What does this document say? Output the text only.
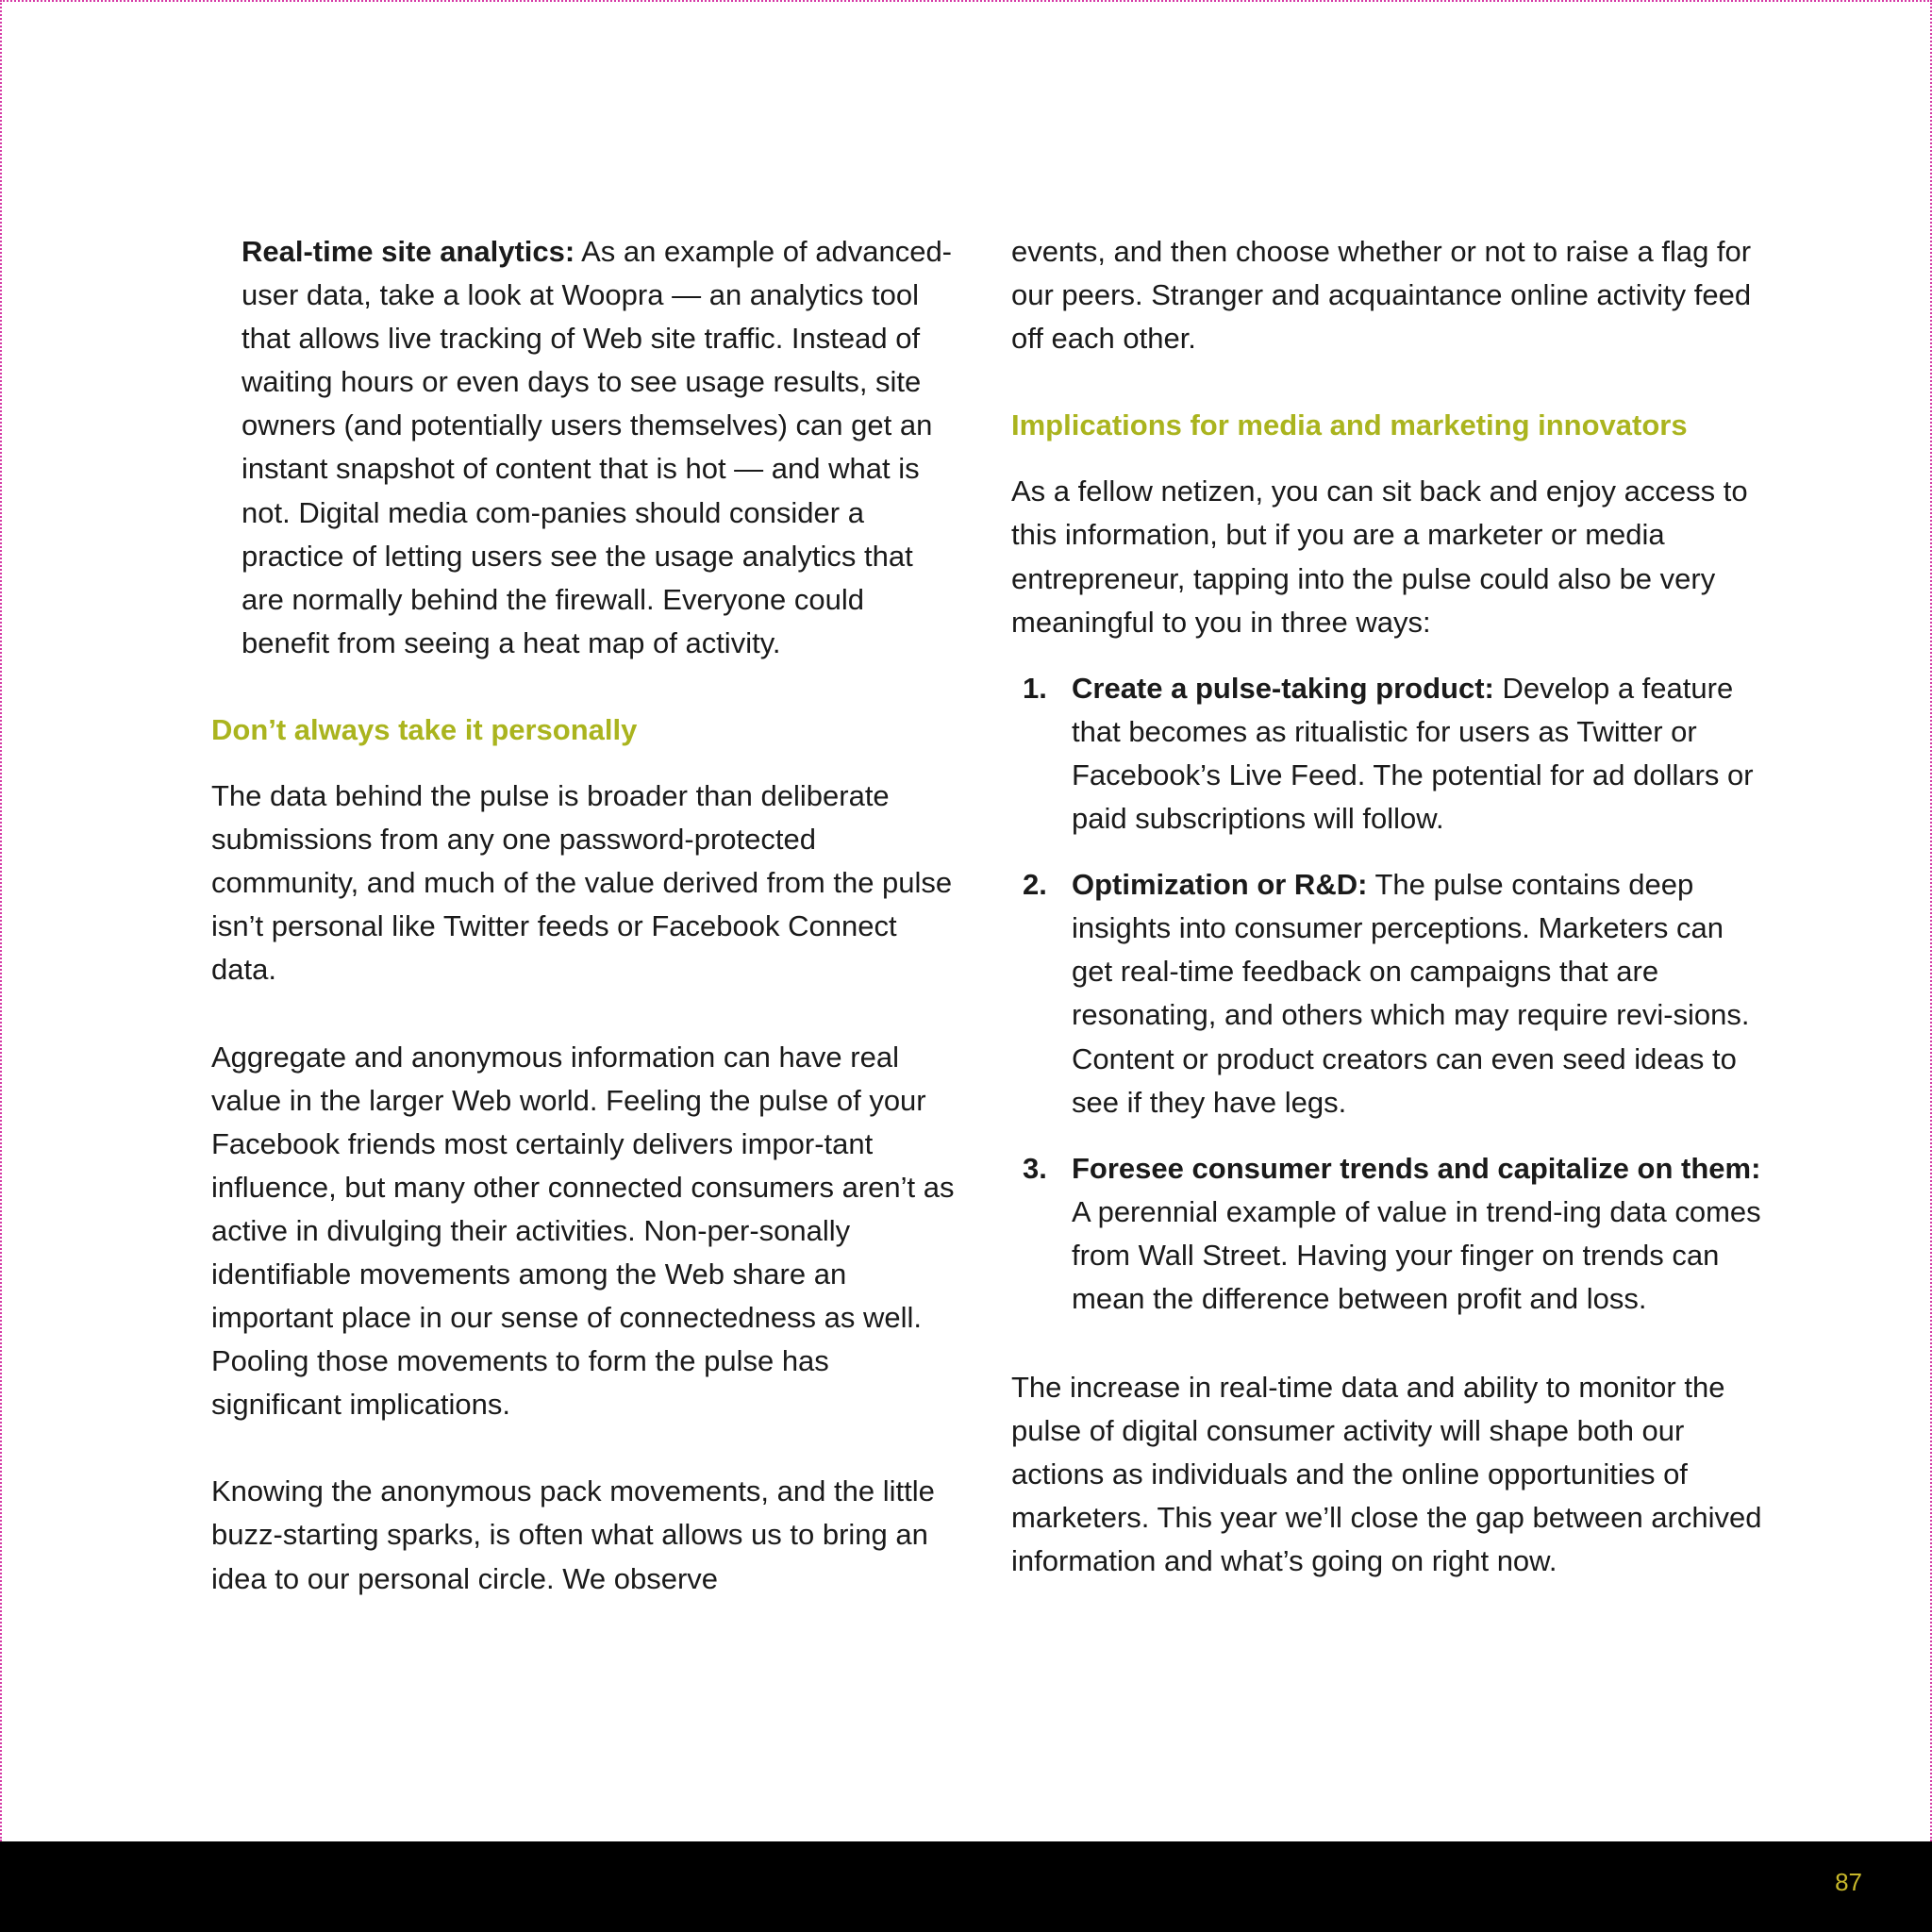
Real-time site analytics: As an example of advanced-user data, take a look at Woopra — an analytics tool that allows live tracking of Web site traffic. Instead of waiting hours or even days to see usage results, site owners (and potentially users themselves) can get an instant snapshot of content that is hot — and what is not. Digital media com-panies should consider a practice of letting users see the usage analytics that are normally behind the firewall. Everyone could benefit from seeing a heat map of activity.

Don’t always take it personally

The data behind the pulse is broader than deliberate submissions from any one password-protected community, and much of the value derived from the pulse isn’t personal like Twitter feeds or Facebook Connect data.

Aggregate and anonymous information can have real value in the larger Web world. Feeling the pulse of your Facebook friends most certainly delivers impor-tant influence, but many other connected consumers aren’t as active in divulging their activities. Non-per-sonally identifiable movements among the Web share an important place in our sense of connectedness as well. Pooling those movements to form the pulse has significant implications.

Knowing the anonymous pack movements, and the little buzz-starting sparks, is often what allows us to bring an idea to our personal circle. We observe

events, and then choose whether or not to raise a flag for our peers. Stranger and acquaintance online activity feed off each other.

Implications for media and marketing innovators

As a fellow netizen, you can sit back and enjoy access to this information, but if you are a marketer or media entrepreneur, tapping into the pulse could also be very meaningful to you in three ways:

1. Create a pulse-taking product: Develop a feature that becomes as ritualistic for users as Twitter or Facebook’s Live Feed. The potential for ad dollars or paid subscriptions will follow.
2. Optimization or R&D: The pulse contains deep insights into consumer perceptions. Marketers can get real-time feedback on campaigns that are resonating, and others which may require revi-sions. Content or product creators can even seed ideas to see if they have legs.
3. Foresee consumer trends and capitalize on them: A perennial example of value in trend-ing data comes from Wall Street. Having your finger on trends can mean the difference between profit and loss.

The increase in real-time data and ability to monitor the pulse of digital consumer activity will shape both our actions as individuals and the online opportunities of marketers. This year we’ll close the gap between archived information and what’s going on right now.

87
